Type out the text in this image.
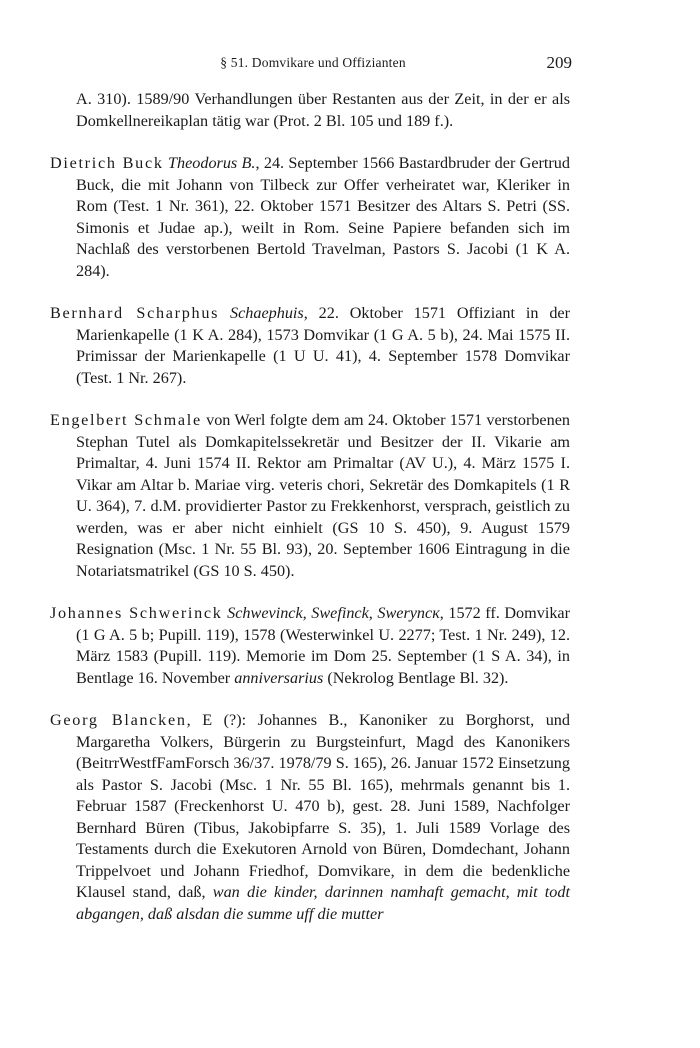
§ 51. Domvikare und Offizianten	209

A. 310). 1589/90 Verhandlungen über Restanten aus der Zeit, in der er als Domkellnereikaplan tätig war (Prot. 2 Bl. 105 und 189 f.).

Dietrich Buck Theodorus B., 24. September 1566 Bastardbruder der Gertrud Buck, die mit Johann von Tilbeck zur Offer verheiratet war, Kleriker in Rom (Test. 1 Nr. 361), 22. Oktober 1571 Besitzer des Altars S. Petri (SS. Simonis et Judae ap.), weilt in Rom. Seine Papiere befanden sich im Nachlaß des verstorbenen Bertold Travelman, Pastors S. Jacobi (1 K A. 284).

Bernhard Scharphus Schaephuis, 22. Oktober 1571 Offiziant in der Marienkapelle (1 K A. 284), 1573 Domvikar (1 G A. 5 b), 24. Mai 1575 II. Primissar der Marienkapelle (1 U U. 41), 4. September 1578 Domvikar (Test. 1 Nr. 267).

Engelbert Schmale von Werl folgte dem am 24. Oktober 1571 verstorbenen Stephan Tutel als Domkapitelssekretär und Besitzer der II. Vikarie am Primaltar, 4. Juni 1574 II. Rektor am Primaltar (AV U.), 4. März 1575 I. Vikar am Altar b. Mariae virg. veteris chori, Sekretär des Domkapitels (1 R U. 364), 7. d.M. providierter Pastor zu Frekkenhorst, versprach, geistlich zu werden, was er aber nicht einhielt (GS 10 S. 450), 9. August 1579 Resignation (Msc. 1 Nr. 55 Bl. 93), 20. September 1606 Eintragung in die Notariatsmatrikel (GS 10 S. 450).

Johannes Schwerinck Schwevinck, Swefinck, Sweryncк, 1572 ff. Domvikar (1 G A. 5 b; Pupill. 119), 1578 (Westerwinkel U. 2277; Test. 1 Nr. 249), 12. März 1583 (Pupill. 119). Memorie im Dom 25. September (1 S A. 34), in Bentlage 16. November anniversarius (Nekrolog Bentlage Bl. 32).

Georg Blancken, E (?): Johannes B., Kanoniker zu Borghorst, und Margaretha Volkers, Bürgerin zu Burgsteinfurt, Magd des Kanonikers (BeitrrWestfFamForsch 36/37. 1978/79 S. 165), 26. Januar 1572 Einsetzung als Pastor S. Jacobi (Msc. 1 Nr. 55 Bl. 165), mehrmals genannt bis 1. Februar 1587 (Freckenhorst U. 470 b), gest. 28. Juni 1589, Nachfolger Bernhard Büren (Tibus, Jakobipfarre S. 35), 1. Juli 1589 Vorlage des Testaments durch die Exekutoren Arnold von Büren, Domdechant, Johann Trippelvoet und Johann Friedhof, Domvikare, in dem die bedenkliche Klausel stand, daß, wan die kinder, darinnen namhaft gemacht, mit todt abgangen, daß alsdan die summe uff die mutter
